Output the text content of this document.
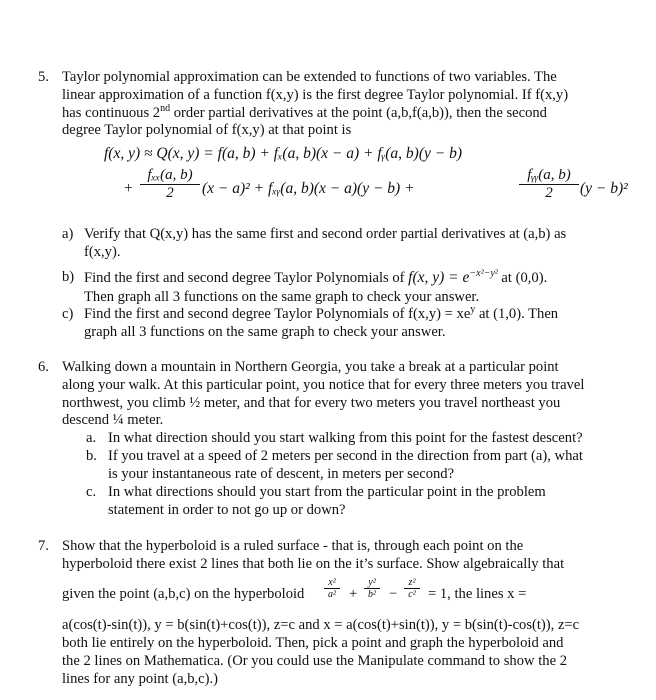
5. Taylor polynomial approximation can be extended to functions of two variables. The
linear approximation of a function f(x,y) is the first degree Taylor polynomial. If f(x,y)
has continuous 2nd order partial derivatives at the point (a,b,f(a,b)), then the second
degree Taylor polynomial of f(x,y) at that point is
f(x, y) ≈ Q(x, y) = f(a, b) + fₓ(a, b)(x − a) + fᵧ(a, b)(y − b)
+
fₓₓ(a, b)
2	(x − a)² + fₓᵧ(a, b)(x − a)(y − b) +
fᵧᵧ(a, b)
2	(y − b)²
a) Verify that Q(x,y) has the same first and second order partial derivatives at (a,b) as
f(x,y).
b) Find the first and second degree Taylor Polynomials of f(x, $y) = e^{-x^2-y^2}$ at (0,0).
Then graph all 3 functions on the same graph to check your answer.
c) Find the first and second degree Taylor Polynomials of $f(x,y) = xe^y$ at (1,0). Then
graph all 3 functions on the same graph to check your answer.
6. Walking down a mountain in Northern Georgia, you take a break at a particular point
along your walk. At this particular point, you notice that for every three meters you travel
northwest, you climb ½ meter, and that for every two meters you travel northeast you
descend ¼ meter.
a. In what direction should you start walking from this point for the fastest descent?
b. If you travel at a speed of 2 meters per second in the direction from part (a), what
is your instantaneous rate of descent, in meters per second?
c. In what directions should you start from the particular point in the problem
statement in order to not go up or down?
7. Show that the hyperboloid is a ruled surface - that is, through each point on the
hyperboloid there exist 2 lines that both lie on the it’s surface. Show algebraically that
given the point (a,b,c) on the hyperboloid $\frac{\text{x²}}{\text{a²}} + \frac{\text{y²}}{\text{b²}} - \frac{\text{z²}}{\text{c²}} = 1$, the lines x =
a(cos(t)-sin(t)), y = b(sin(t)+cos(t)), z=c and x = a(cos(t)+sin(t)), y = b(sin(t)-cos(t)), z=c
both lie entirely on the hyperboloid. Then, pick a point and graph the hyperboloid and
the 2 lines on Mathematica. (Or you could use the Manipulate command to show the 2
lines for any point (a,b,c).)
